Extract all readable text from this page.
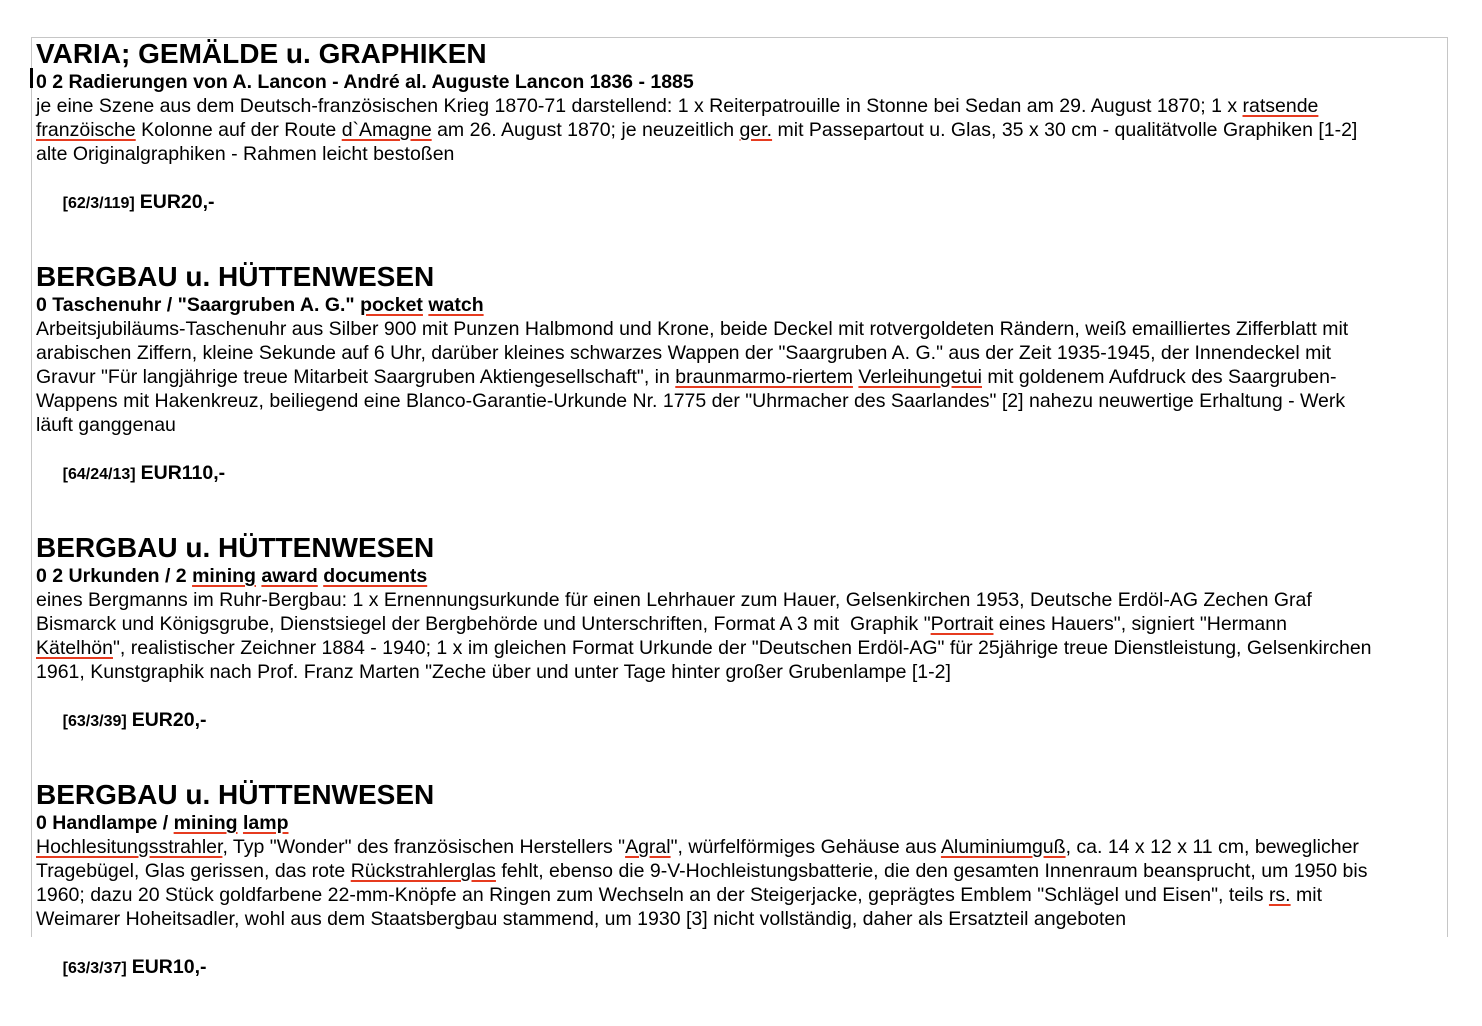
VARIA; GEMÄLDE u. GRAPHIKEN
0 2 Radierungen von A. Lancon - André al. Auguste Lancon 1836 - 1885
je eine Szene aus dem Deutsch-französischen Krieg 1870-71 darstellend: 1 x Reiterpatrouille in Stonne bei Sedan am 29. August 1870; 1 x ratsende
franzöische Kolonne auf der Route d`Amagne am 26. August 1870; je neuzeitlich ger. mit Passepartout u. Glas, 35 x 30 cm - qualitätvolle Graphiken [1-2]
alte Originalgraphiken - Rahmen leicht bestoßen

[62/3/119] EUR20,-

BERGBAU u. HÜTTENWESEN
0 Taschenuhr / "Saargruben A. G." pocket watch
Arbeitsjubiläums-Taschenuhr aus Silber 900 mit Punzen Halbmond und Krone, beide Deckel mit rotvergoldeten Rändern, weiß emailliertes Zifferblatt mit
arabischen Ziffern, kleine Sekunde auf 6 Uhr, darüber kleines schwarzes Wappen der "Saargruben A. G." aus der Zeit 1935-1945, der Innendeckel mit
Gravur "Für langjährige treue Mitarbeit Saargruben Aktiengesellschaft", in braunmarmo-riertem Verleihungetui mit goldenem Aufdruck des Saargruben-
Wappens mit Hakenkreuz, beiliegend eine Blanco-Garantie-Urkunde Nr. 1775 der "Uhrmacher des Saarlandes" [2] nahezu neuwertige Erhaltung - Werk
läuft ganggenau

[64/24/13] EUR110,-

BERGBAU u. HÜTTENWESEN
0 2 Urkunden / 2 mining award documents
eines Bergmanns im Ruhr-Bergbau: 1 x Ernennungsurkunde für einen Lehrhauer zum Hauer, Gelsenkirchen 1953, Deutsche Erdöl-AG Zechen Graf
Bismarck und Königsgrube, Dienstsiegel der Bergbehörde und Unterschriften, Format A 3 mit  Graphik "Portrait eines Hauers", signiert "Hermann
Kätelhön", realistischer Zeichner 1884 - 1940; 1 x im gleichen Format Urkunde der "Deutschen Erdöl-AG" für 25jährige treue Dienstleistung, Gelsenkirchen
1961, Kunstgraphik nach Prof. Franz Marten "Zeche über und unter Tage hinter großer Grubenlampe [1-2]

[63/3/39] EUR20,-

BERGBAU u. HÜTTENWESEN
0 Handlampe / mining lamp
Hochlesitungsstrahler, Typ "Wonder" des französischen Herstellers "Agral", würfelförmiges Gehäuse aus Aluminiumguß, ca. 14 x 12 x 11 cm, beweglicher
Tragebügel, Glas gerissen, das rote Rückstrahlerglas fehlt, ebenso die 9-V-Hochleistungsbatterie, die den gesamten Innenraum beansprucht, um 1950 bis
1960; dazu 20 Stück goldfarbene 22-mm-Knöpfe an Ringen zum Wechseln an der Steigerjacke, geprägtes Emblem "Schlägel und Eisen", teils rs. mit
Weimarer Hoheitsadler, wohl aus dem Staatsbergbau stammend, um 1930 [3] nicht vollständig, daher als Ersatzteil angeboten

[63/3/37] EUR10,-
